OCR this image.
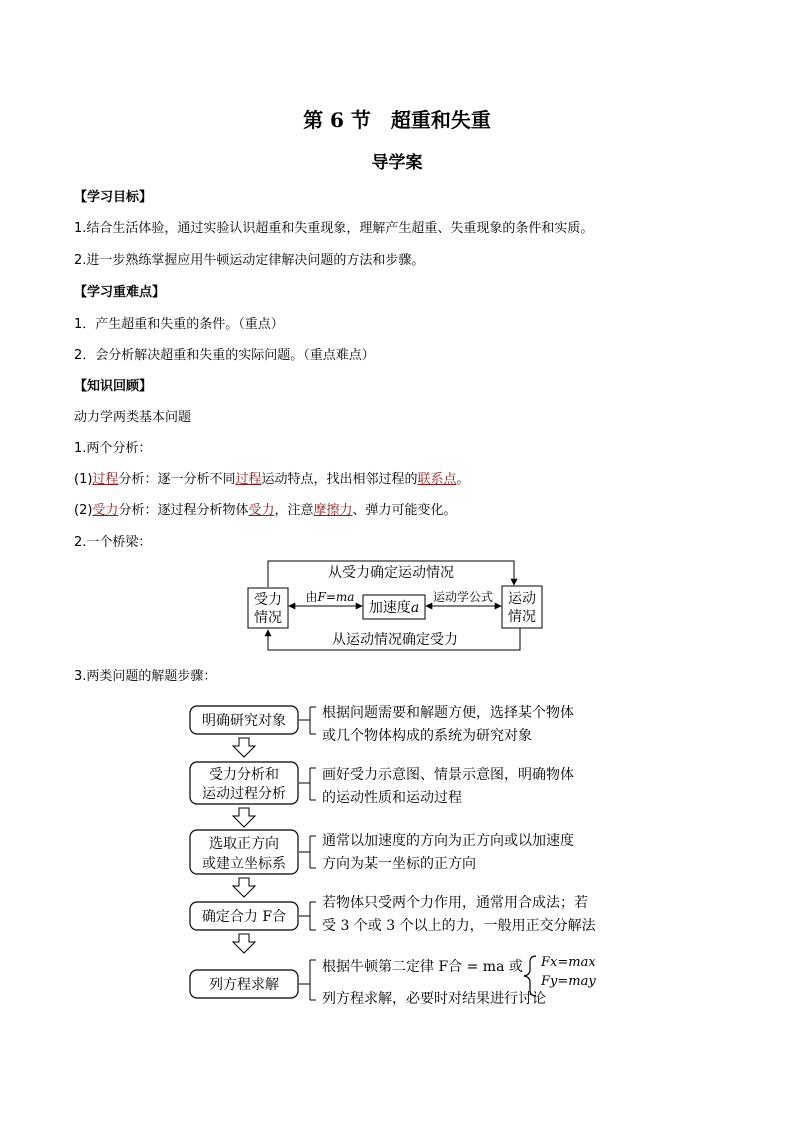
第 6 节　超重和失重
导学案
【学习目标】
1.结合生活体验，通过实验认识超重和失重现象，理解产生超重、失重现象的条件和实质。
2.进一步熟练掌握应用牛顿运动定律解决问题的方法和步骤。
【学习重难点】
1．产生超重和失重的条件。（重点）
2．会分析解决超重和失重的实际问题。（重点难点）
【知识回顾】
动力学两类基本问题
1.两个分析：
(1)过程分析：逐一分析不同过程运动特点，找出相邻过程的联系点。
(2)受力分析：逐过程分析物体受力，注意摩擦力、弹力可能变化。
2.一个桥梁：
3.两类问题的解题步骤：
从受力确定运动情况
从运动情况确定受力
受力
情况
运动
情况
加速度a
由F=ma	运动学公式
明确研究对象	根据问题需要和解题方便，选择某个物体
或几个物体构成的系统为研究对象
受力分析和
运动过程分析
画好受力示意图、情景示意图，明确物体
的运动性质和运动过程
选取正方向
或建立坐标系
通常以加速度的方向为正方向或以加速度
方向为某一坐标的正方向
确定合力 F合
若物体只受两个力作用，通常用合成法；若
受 3 个或 3 个以上的力，一般用正交分解法
列方程求解
根据牛顿第二定律 F合 = ma 或
列方程求解，必要时对结果进行讨论
Fx=max
Fy=may
